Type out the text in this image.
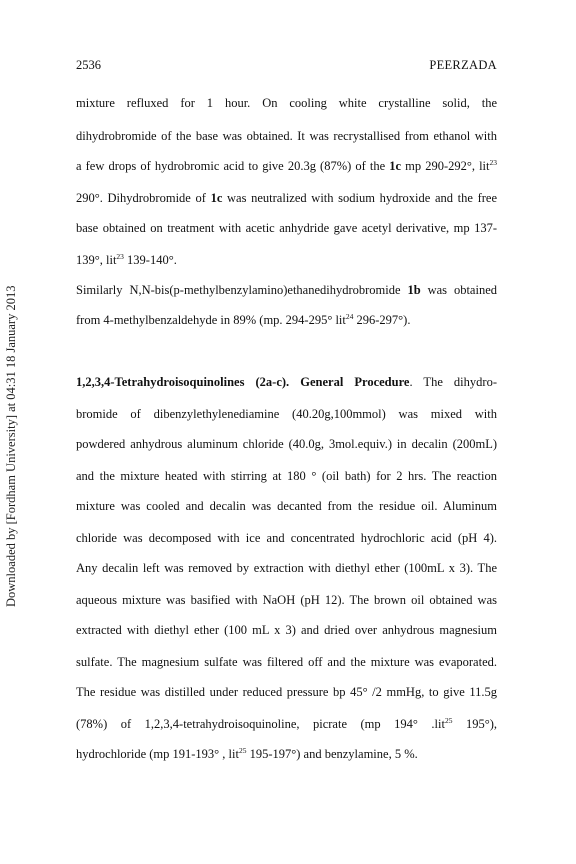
2536	PEERZADA
Downloaded by [Fordham University] at 04:31 18 January 2013
mixture refluxed for 1 hour. On cooling white crystalline solid, the
dihydrobromide of the base was obtained. It was recrystallised from ethanol with
a few drops of hydrobromic acid to give 20.3g (87%) of the 1c mp 290-292°, lit$^{23}$
290°. Dihydrobromide of 1c was neutralized with sodium hydroxide and the free
base obtained on treatment with acetic anhydride gave acetyl derivative, mp 137-
139°, lit$^{23}$ 139-140°.
Similarly N,N-bis(p-methylbenzylamino)ethanedihydrobromide 1b was obtained
from 4-methylbenzaldehyde in 89% (mp. 294-295° lit$^{24}$ 296-297°).
1,2,3,4-Tetrahydroisoquinolines (2a-c). General Procedure. The dihydro-
bromide of dibenzylethylenediamine (40.20g,100mmol) was mixed with
powdered anhydrous aluminum chloride (40.0g, 3mol.equiv.) in decalin (200mL)
and the mixture heated with stirring at 180 ° (oil bath) for 2 hrs. The reaction
mixture was cooled and decalin was decanted from the residue oil. Aluminum
chloride was decomposed with ice and concentrated hydrochloric acid (pH 4).
Any decalin left was removed by extraction with diethyl ether (100mL x 3). The
aqueous mixture was basified with NaOH (pH 12). The brown oil obtained was
extracted with diethyl ether (100 mL x 3) and dried over anhydrous magnesium
sulfate. The magnesium sulfate was filtered off and the mixture was evaporated.
The residue was distilled under reduced pressure bp 45° /2 mmHg, to give 11.5g
(78%) of 1,2,3,4-tetrahydroisoquinoline, picrate (mp 194° .lit$^{25}$ 195°),
hydrochloride (mp 191-193° , lit$^{25}$ 195-197°) and benzylamine, 5 %.
